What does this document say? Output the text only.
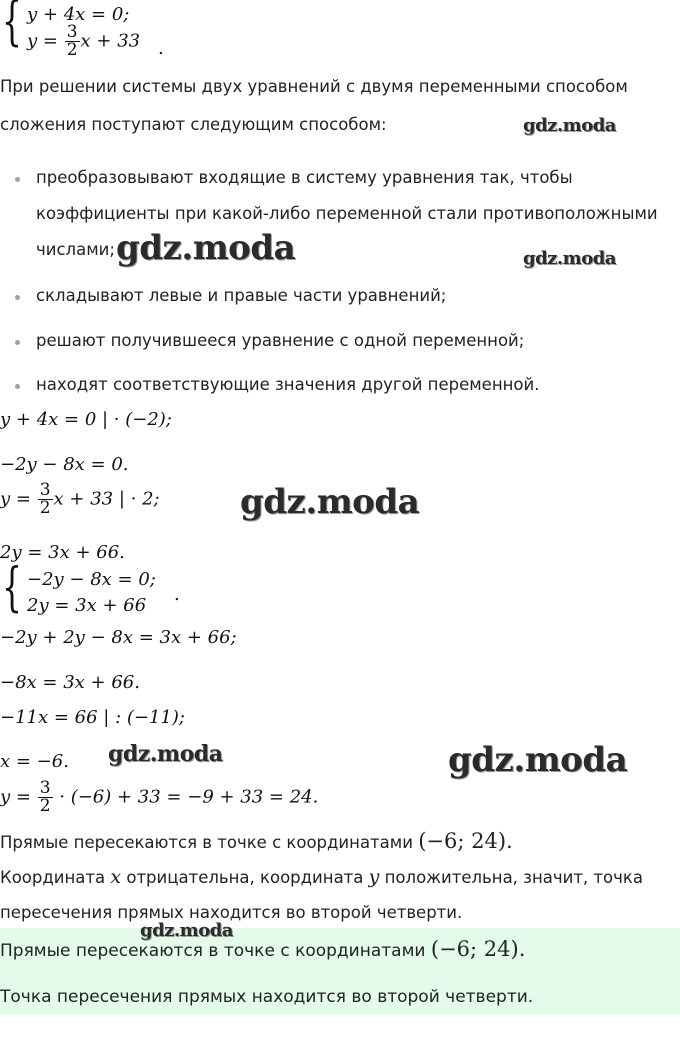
{ y + 4x = 0;
$y = \frac{3}{2}$ x + 33 .
При решении системы двух уравнений с двумя переменными способом
сложения поступают следующим способом:
преобразовывают входящие в систему уравнения так, чтобы
коэффициенты при какой-либо переменной стали противоположными
числами;
складывают левые и правые части уравнений;
решают получившееся уравнение с одной переменной;
находят соответствующие значения другой переменной.
y + 4x = 0 | · (−2);
−2y − 8x = 0.
$y = \frac{3}{2}$ x + 33 | · 2;
2y = 3x + 66.
{ −2y − 8x = 0;
2y = 3x + 66
.
−2y + 2y − 8x = 3x + 66;
−8x = 3x + 66.
−11x = 66 | : (−11);
x = −6.
$y = \frac{3}{2} \cdot (-6) + 33 = -9 + 33 = 24$.
Прямые пересекаются в точке с координатами (−6; 24).
Координата x отрицательна, координата y положительна, значит, точка
пересечения прямых находится во второй четверти.
Прямые пересекаются в точке с координатами (−6; 24).
Точка пересечения прямых находится во второй четверти.
gdz.moda
gdz.moda	gdz.moda
gdz.moda
gdz.moda	gdz.moda
gdz.moda
